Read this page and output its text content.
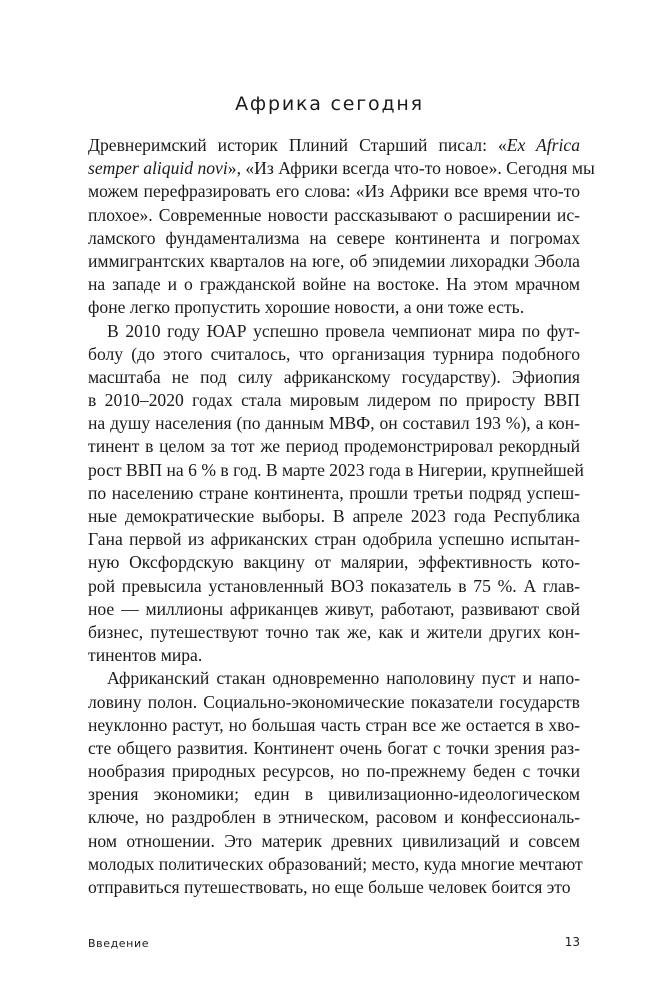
Африка сегодня
Древнеримский историк Плиний Старший писал: «Ex Africa
semper aliquid novi», «Из Африки всегда что-то новое». Сегодня мы
можем перефразировать его слова: «Из Африки все время что-то
плохое». Современные новости рассказывают о расширении ис-
ламского фундаментализма на севере континента и погромах
иммигрантских кварталов на юге, об эпидемии лихорадки Эбола
на западе и о гражданской войне на востоке. На этом мрачном
фоне легко пропустить хорошие новости, а они тоже есть.
В 2010 году ЮАР успешно провела чемпионат мира по фут-
болу (до этого считалось, что организация турнира подобного
масштаба не под силу африканскому государству). Эфиопия
в 2010–2020 годах стала мировым лидером по приросту ВВП
на душу населения (по данным МВФ, он составил 193 %), а кон-
тинент в целом за тот же период продемонстрировал рекордный
рост ВВП на 6 % в год. В марте 2023 года в Нигерии, крупнейшей
по населению стране континента, прошли третьи подряд успеш-
ные демократические выборы. В апреле 2023 года Республика
Гана первой из африканских стран одобрила успешно испытан-
ную Оксфордскую вакцину от малярии, эффективность кото-
рой превысила установленный ВОЗ показатель в 75 %. А глав-
ное — миллионы африканцев живут, работают, развивают свой
бизнес, путешествуют точно так же, как и жители других кон-
тинентов мира.
Африканский стакан одновременно наполовину пуст и напо-
ловину полон. Социально-экономические показатели государств
неуклонно растут, но большая часть стран все же остается в хво-
сте общего развития. Континент очень богат с точки зрения раз-
нообразия природных ресурсов, но по-прежнему беден с точки
зрения экономики; един в цивилизационно-идеологическом
ключе, но раздроблен в этническом, расовом и конфессиональ-
ном отношении. Это материк древних цивилизаций и совсем
молодых политических образований; место, куда многие мечтают
отправиться путешествовать, но еще больше человек боится это
Введение	13
